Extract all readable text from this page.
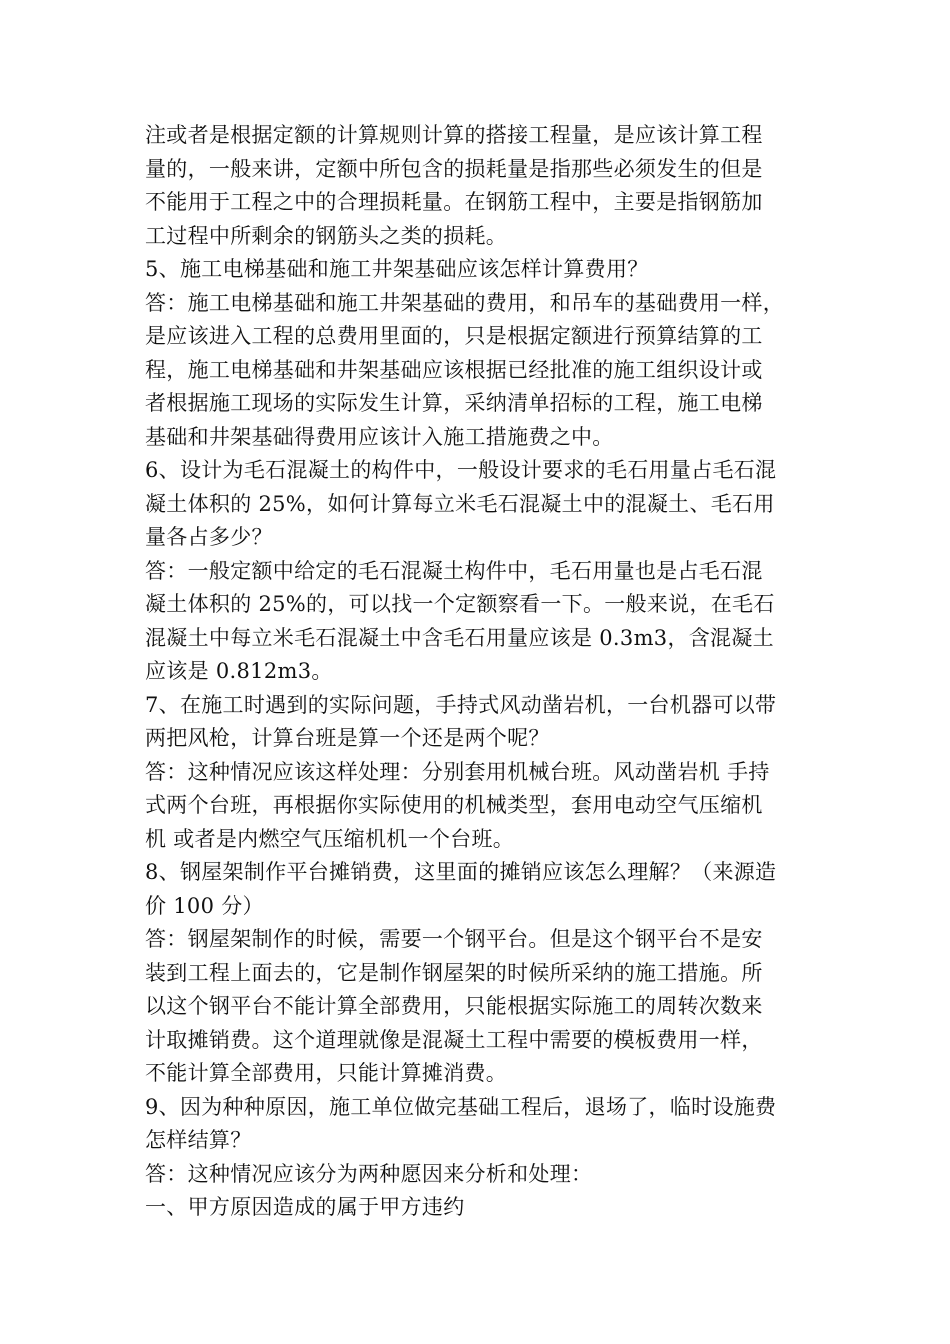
注或者是根据定额的计算规则计算的搭接工程量，是应该计算工程
量的，一般来讲，定额中所包含的损耗量是指那些必须发生的但是
不能用于工程之中的合理损耗量。在钢筋工程中，主要是指钢筋加
工过程中所剩余的钢筋头之类的损耗。
5、施工电梯基础和施工井架基础应该怎样计算费用？
答：施工电梯基础和施工井架基础的费用，和吊车的基础费用一样，
是应该进入工程的总费用里面的，只是根据定额进行预算结算的工
程，施工电梯基础和井架基础应该根据已经批准的施工组织设计或
者根据施工现场的实际发生计算，采纳清单招标的工程，施工电梯
基础和井架基础得费用应该计入施工措施费之中。
6、设计为毛石混凝土的构件中，一般设计要求的毛石用量占毛石混
凝土体积的 25%，如何计算每立米毛石混凝土中的混凝土、毛石用
量各占多少？
答：一般定额中给定的毛石混凝土构件中，毛石用量也是占毛石混
凝土体积的 25%的，可以找一个定额察看一下。一般来说，在毛石
混凝土中每立米毛石混凝土中含毛石用量应该是 0.3m3，含混凝土
应该是 0.812m3。
7、在施工时遇到的实际问题，手持式风动凿岩机，一台机器可以带
两把风枪，计算台班是算一个还是两个呢？
答：这种情况应该这样处理：分别套用机械台班。风动凿岩机 手持
式两个台班，再根据你实际使用的机械类型，套用电动空气压缩机
机 或者是内燃空气压缩机机一个台班。
8、钢屋架制作平台摊销费，这里面的摊销应该怎么理解？（来源造
价 100 分）
答：钢屋架制作的时候，需要一个钢平台。但是这个钢平台不是安
装到工程上面去的，它是制作钢屋架的时候所采纳的施工措施。所
以这个钢平台不能计算全部费用，只能根据实际施工的周转次数来
计取摊销费。这个道理就像是混凝土工程中需要的模板费用一样，
不能计算全部费用，只能计算摊消费。
9、因为种种原因，施工单位做完基础工程后，退场了，临时设施费
怎样结算？
答：这种情况应该分为两种愿因来分析和处理：
一、甲方原因造成的属于甲方违约
